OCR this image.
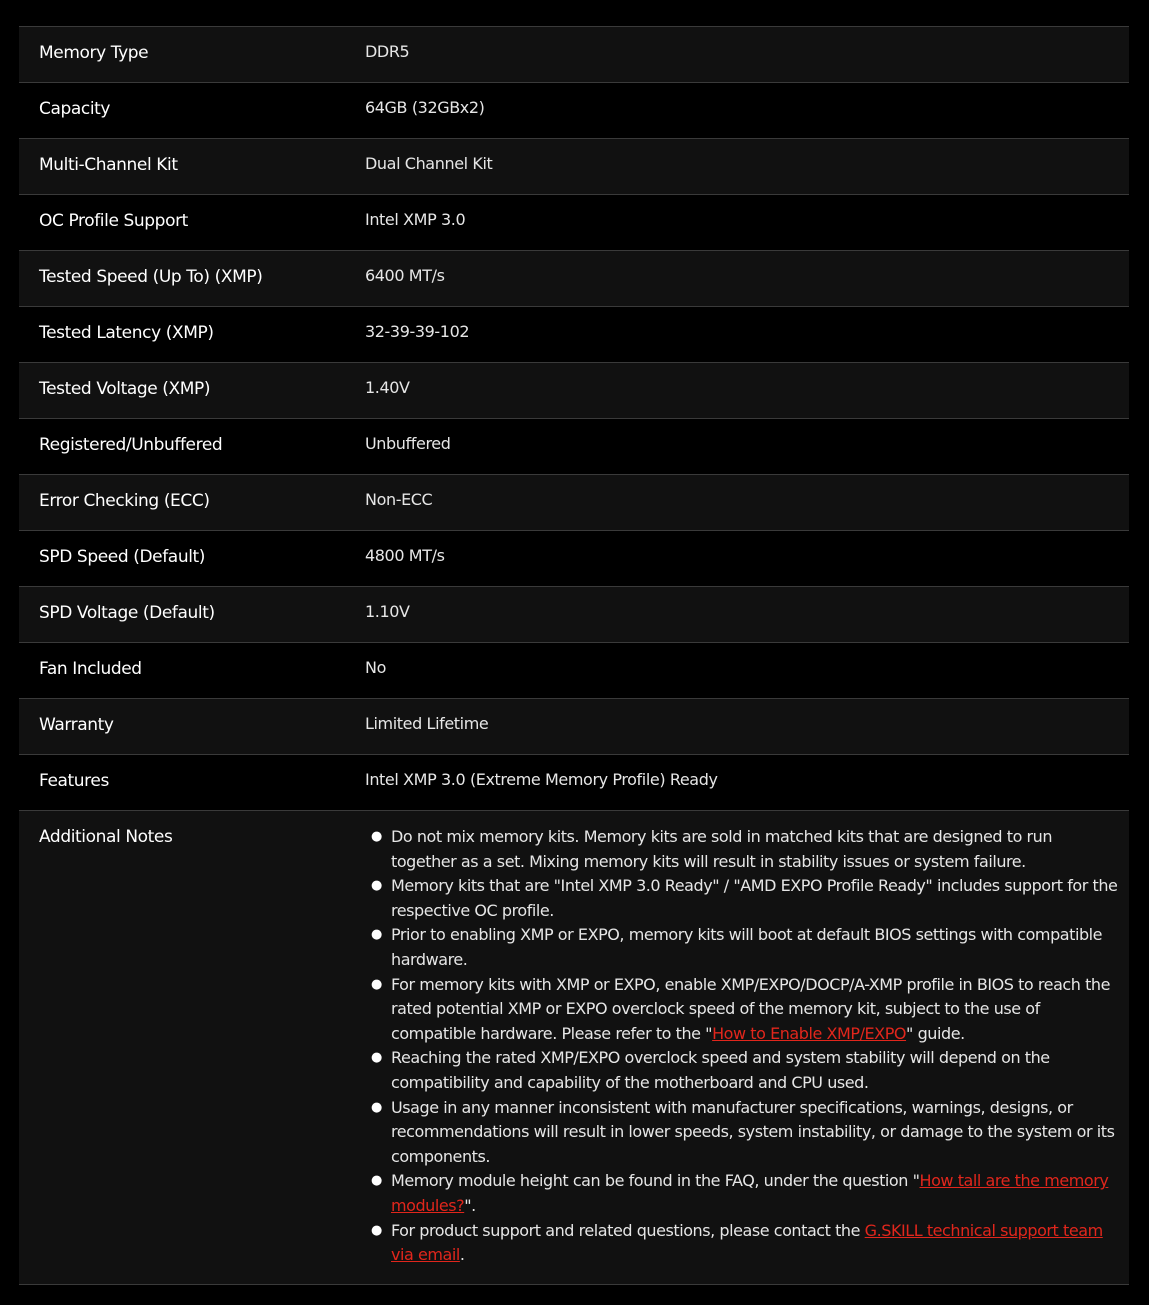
Memory Type	DDR5
Capacity	64GB (32GBx2)
Multi-Channel Kit	Dual Channel Kit
OC Profile Support	Intel XMP 3.0
Tested Speed (Up To) (XMP)	6400 MT/s
Tested Latency (XMP)	32-39-39-102
Tested Voltage (XMP)	1.40V
Registered/Unbuffered	Unbuffered
Error Checking (ECC)	Non-ECC
SPD Speed (Default)	4800 MT/s
SPD Voltage (Default)	1.10V
Fan Included	No
Warranty	Limited Lifetime
Features	Intel XMP 3.0 (Extreme Memory Profile) Ready
Additional Notes	● Do not mix memory kits. Memory kits are sold in matched kits that are designed to run together as a set. Mixing memory kits will result in stability issues or system failure.
● Memory kits that are "Intel XMP 3.0 Ready" / "AMD EXPO Profile Ready" includes support for the respective OC profile.
● Prior to enabling XMP or EXPO, memory kits will boot at default BIOS settings with compatible hardware.
● For memory kits with XMP or EXPO, enable XMP/EXPO/DOCP/A-XMP profile in BIOS to reach the rated potential XMP or EXPO overclock speed of the memory kit, subject to the use of compatible hardware. Please refer to the "How to Enable XMP/EXPO" guide.
● Reaching the rated XMP/EXPO overclock speed and system stability will depend on the compatibility and capability of the motherboard and CPU used.
● Usage in any manner inconsistent with manufacturer specifications, warnings, designs, or recommendations will result in lower speeds, system instability, or damage to the system or its components.
● Memory module height can be found in the FAQ, under the question "How tall are the memory modules?".
● For product support and related questions, please contact the G.SKILL technical support team via email.
